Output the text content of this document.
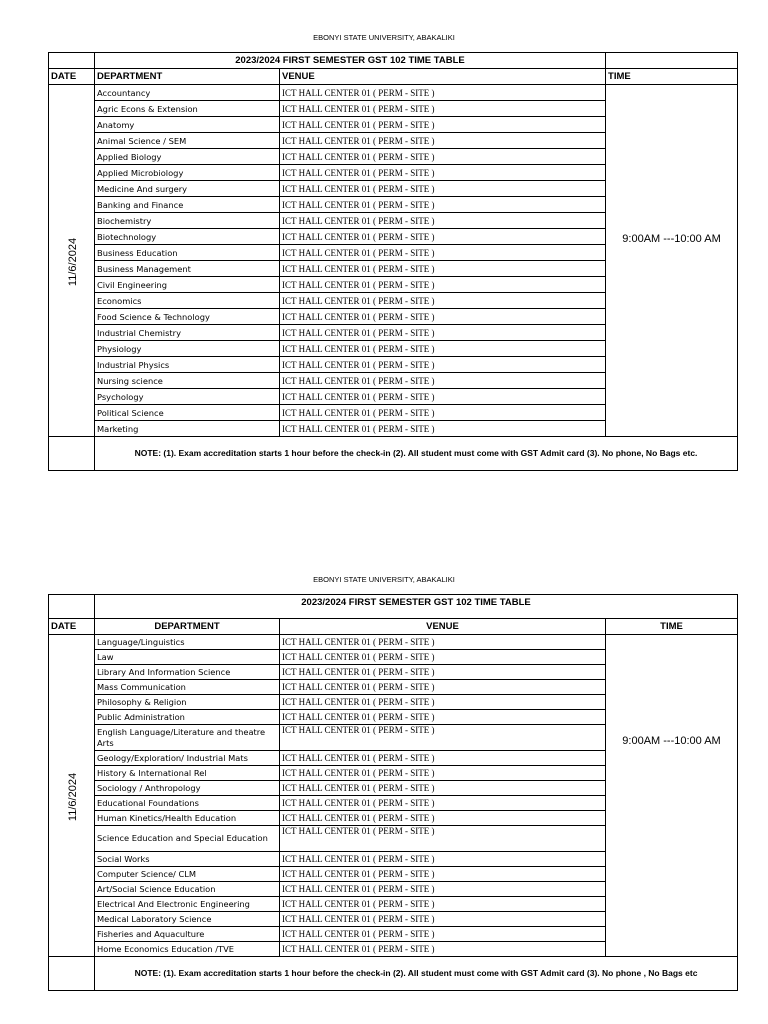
EBONYI STATE UNIVERSITY, ABAKALIKI

	2023/2024 FIRST SEMESTER GST 102 TIME TABLE		
DATE	DEPARTMENT	VENUE	TIME
11/6/2024	Accountancy	ICT HALL CENTER 01 ( PERM - SITE )	9:00AM ---10:00 AM
	Agric Econs & Extension	ICT HALL CENTER 01 ( PERM - SITE )	
	Anatomy	ICT HALL CENTER 01 ( PERM - SITE )	
	Animal Science / SEM	ICT HALL CENTER 01 ( PERM - SITE )	
	Applied Biology	ICT HALL CENTER 01 ( PERM - SITE )	
	Applied Microbiology	ICT HALL CENTER 01 ( PERM - SITE )	
	Medicine And surgery	ICT HALL CENTER 01 ( PERM - SITE )	
	Banking and Finance	ICT HALL CENTER 01 ( PERM - SITE )	
	Biochemistry	ICT HALL CENTER 01 ( PERM - SITE )	
	Biotechnology	ICT HALL CENTER 01 ( PERM - SITE )	
	Business Education	ICT HALL CENTER 01 ( PERM - SITE )	
	Business Management	ICT HALL CENTER 01 ( PERM - SITE )	
	Civil Engineering	ICT HALL CENTER 01 ( PERM - SITE )	
	Economics	ICT HALL CENTER 01 ( PERM - SITE )	
	Food Science & Technology	ICT HALL CENTER 01 ( PERM - SITE )	
	Industrial Chemistry	ICT HALL CENTER 01 ( PERM - SITE )	
	Physiology	ICT HALL CENTER 01 ( PERM - SITE )	
	Industrial Physics	ICT HALL CENTER 01 ( PERM - SITE )	
	Nursing science	ICT HALL CENTER 01 ( PERM - SITE )	
	Psychology	ICT HALL CENTER 01 ( PERM - SITE )	
	Political Science	ICT HALL CENTER 01 ( PERM - SITE )	
	Marketing	ICT HALL CENTER 01 ( PERM - SITE )	
	NOTE: (1). Exam accreditation starts 1 hour before the check-in (2). All student must come with GST Admit card (3). No phone, No Bags etc.		

EBONYI STATE UNIVERSITY, ABAKALIKI

	2023/2024 FIRST SEMESTER GST 102 TIME TABLE		
DATE	DEPARTMENT	VENUE	TIME
11/6/2024	Language/Linguistics	ICT HALL CENTER 01 ( PERM - SITE )	9:00AM ---10:00 AM
	Law	ICT HALL CENTER 01 ( PERM - SITE )	
	Library And Information Science	ICT HALL CENTER 01 ( PERM - SITE )	
	Mass Communication	ICT HALL CENTER 01 ( PERM - SITE )	
	Philosophy & Religion	ICT HALL CENTER 01 ( PERM - SITE )	
	Public Administration	ICT HALL CENTER 01 ( PERM - SITE )	
	English Language/Literature and theatre Arts	ICT HALL CENTER 01 ( PERM - SITE )	
	Geology/Exploration/ Industrial Mats	ICT HALL CENTER 01 ( PERM - SITE )	
	History & International Rel	ICT HALL CENTER 01 ( PERM - SITE )	
	Sociology / Anthropology	ICT HALL CENTER 01 ( PERM - SITE )	
	Educational Foundations	ICT HALL CENTER 01 ( PERM - SITE )	
	Human Kinetics/Health Education	ICT HALL CENTER 01 ( PERM - SITE )	
	Science Education and Special Education	ICT HALL CENTER 01 ( PERM - SITE )	
	Social Works	ICT HALL CENTER 01 ( PERM - SITE )	
	Computer Science/ CLM	ICT HALL CENTER 01 ( PERM - SITE )	
	Art/Social Science Education	ICT HALL CENTER 01 ( PERM - SITE )	
	Electrical And Electronic Engineering	ICT HALL CENTER 01 ( PERM - SITE )	
	Medical Laboratory Science	ICT HALL CENTER 01 ( PERM - SITE )	
	Fisheries and Aquaculture	ICT HALL CENTER 01 ( PERM - SITE )	
	Home Economics Education /TVE	ICT HALL CENTER 01 ( PERM - SITE )	
	NOTE: (1). Exam accreditation starts 1 hour before the check-in (2). All student must come with GST Admit card (3). No phone , No Bags etc		
